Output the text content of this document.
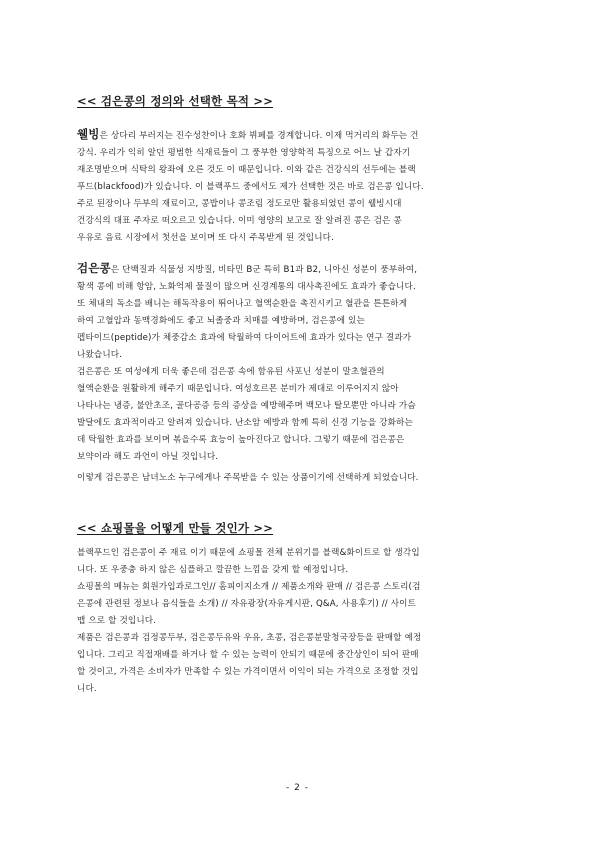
<< 검은콩의 정의와 선택한 목적 >>
웰빙은 상다리 부러지는 진수성찬이나 호화 뷔페를 경계합니다. 이제 먹거리의 화두는 건
강식. 우리가 익히 알던 평범한 식재료들이 그 풍부한 영양학적 특징으로 어느 날 갑자기
재조명받으며 식탁의 왕좌에 오른 것도 이 때문입니다. 이와 같은 건강식의 선두에는 블랙
푸드(blackfood)가 있습니다. 이 블랙푸드 중에서도 제가 선택한 것은 바로 검은콩 입니다.
주로 된장이나 두부의 재료이고, 콩밥이나 콩조림 정도로만 활용되었던 콩이 웰빙시대
건강식의 대표 주자로 떠오르고 있습니다. 이미 영양의 보고로 잘 알려진 콩은 검은 콩
우유로 음료 시장에서 첫선을 보이며 또 다시 주목받게 된 것입니다.
검은콩은 단백질과 식물성 지방질, 비타민 B군 특히 B1과 B2, 니아신 성분이 풍부하여,
황색 콩에 비해 항암, 노화억제 물질이 많으며 신경계통의 대사촉진에도 효과가 좋습니다.
또 체내의 독소를 배니는 해독작용이 뛰어나고 혈액순환을 촉진시키고 혈관을 튼튼하게
하여 고혈압과 동맥경화에도 좋고 뇌졸중과 치매를 예방하며, 검은콩에 있는
펩타이드(peptide)가 체중감소 효과에 탁월하여 다이어트에 효과가 있다는 연구 결과가
나왔습니다.
검은콩은 또 여성에게 더욱 좋은데 검은콩 속에 함유된 사포닌 성분이 말초혈관의
혈액순환을 원활하게 해주기 때문입니다. 여성호르몬 분비가 제대로 이루어지지 않아
나타나는 냉증, 불안초조, 골다공증 등의 증상을 예방해주며 백모나 탈모뿐만 아니라 가슴
발달에도 효과적이라고 알려져 있습니다. 난소암 예방과 함께 특히 신경 기능을 강화하는
데 탁월한 효과를 보이며 볶을수록 효능이 높아진다고 합니다. 그렇기 때문에 검은콩은
보약이라 해도 과언이 아닐 것입니다.
이렇게 검은콩은 남녀노소 누구에게나 주목받을 수 있는 상품이기에 선택하게 되었습니다.
<< 쇼핑몰을 어떻게 만들 것인가 >>
블랙푸드인 검은콩이 주 재료 이기 때문에 쇼핑몰 전체 분위기를 블랙&화이트로 할 생각입
니다. 또 우중충 하지 않은 심플하고 깔끔한 느낌을 갖게 할 예정입니다.
쇼핑몰의 메뉴는 회원가입과로그인// 홈피이지소개 // 제품소개와 판매 // 검은콩 스토리(검
은콩에 관련된 정보나 음식들을 소개) // 자유광장(자유게시판, Q&A, 사용후기) // 사이트
맵 으로 할 것입니다.
제품은 검은콩과 검정콩두부, 검은콩두유와 우유, 초콩, 검은콩분말청국장등을 판매할 예정
입니다. 그리고 직접재배를 하거나 할 수 있는 능력이 안되기 때문에 중간상인이 되어 판매
할 것이고, 가격은 소비자가 만족할 수 있는 가격이면서 이익이 되는 가격으로 조정할 것입
니다.
- 2 -
